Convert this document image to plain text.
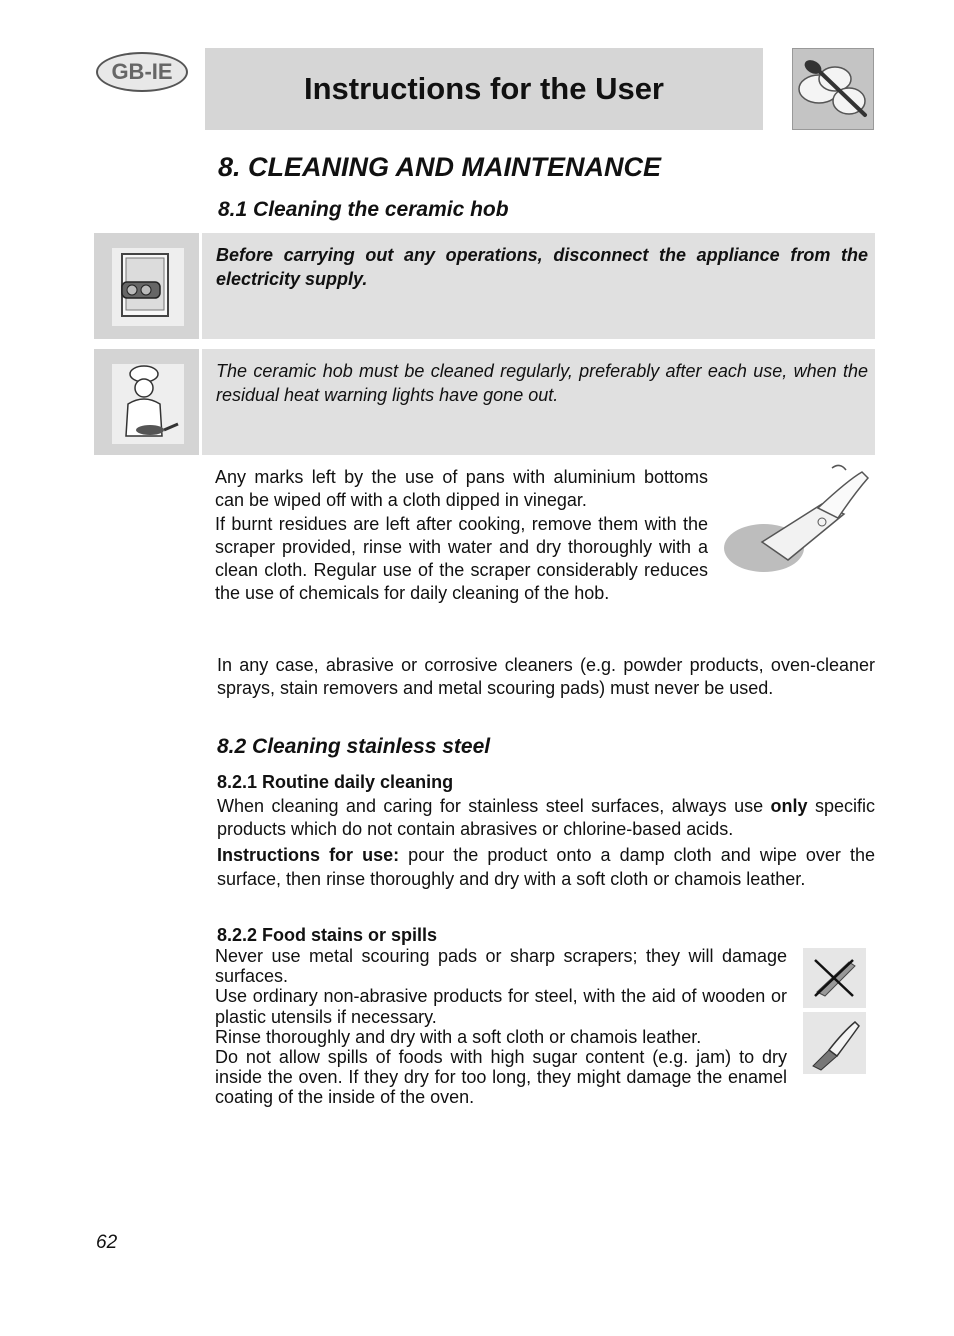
GB-IE	Instructions for the User
8. CLEANING AND MAINTENANCE
8.1 Cleaning the ceramic hob
Before carrying out any operations, disconnect the appliance from the electricity supply.
The ceramic hob must be cleaned regularly, preferably after each use, when the residual heat warning lights have gone out.

Any marks left by the use of pans with aluminium bottoms can be wiped off with a cloth dipped in vinegar.

If burnt residues are left after cooking, remove them with the scraper provided, rinse with water and dry thoroughly with a clean cloth. Regular use of the scraper considerably reduces the use of chemicals for daily cleaning of the hob.

In any case, abrasive or corrosive cleaners (e.g. powder products, oven-cleaner sprays, stain removers and metal scouring pads) must never be used.
8.2 Cleaning stainless steel
8.2.1 Routine daily cleaning
When cleaning and caring for stainless steel surfaces, always use only specific products which do not contain abrasives or chlorine-based acids.
Instructions for use: pour the product onto a damp cloth and wipe over the surface, then rinse thoroughly and dry with a soft cloth or chamois leather.
8.2.2 Food stains or spills

Never use metal scouring pads or sharp scrapers; they will damage surfaces.

Use ordinary non-abrasive products for steel, with the aid of wooden or plastic utensils if necessary.

Rinse thoroughly and dry with a soft cloth or chamois leather.

Do not allow spills of foods with high sugar content (e.g. jam) to dry inside the oven. If they dry for too long, they might damage the enamel coating of the inside of the oven.

62
